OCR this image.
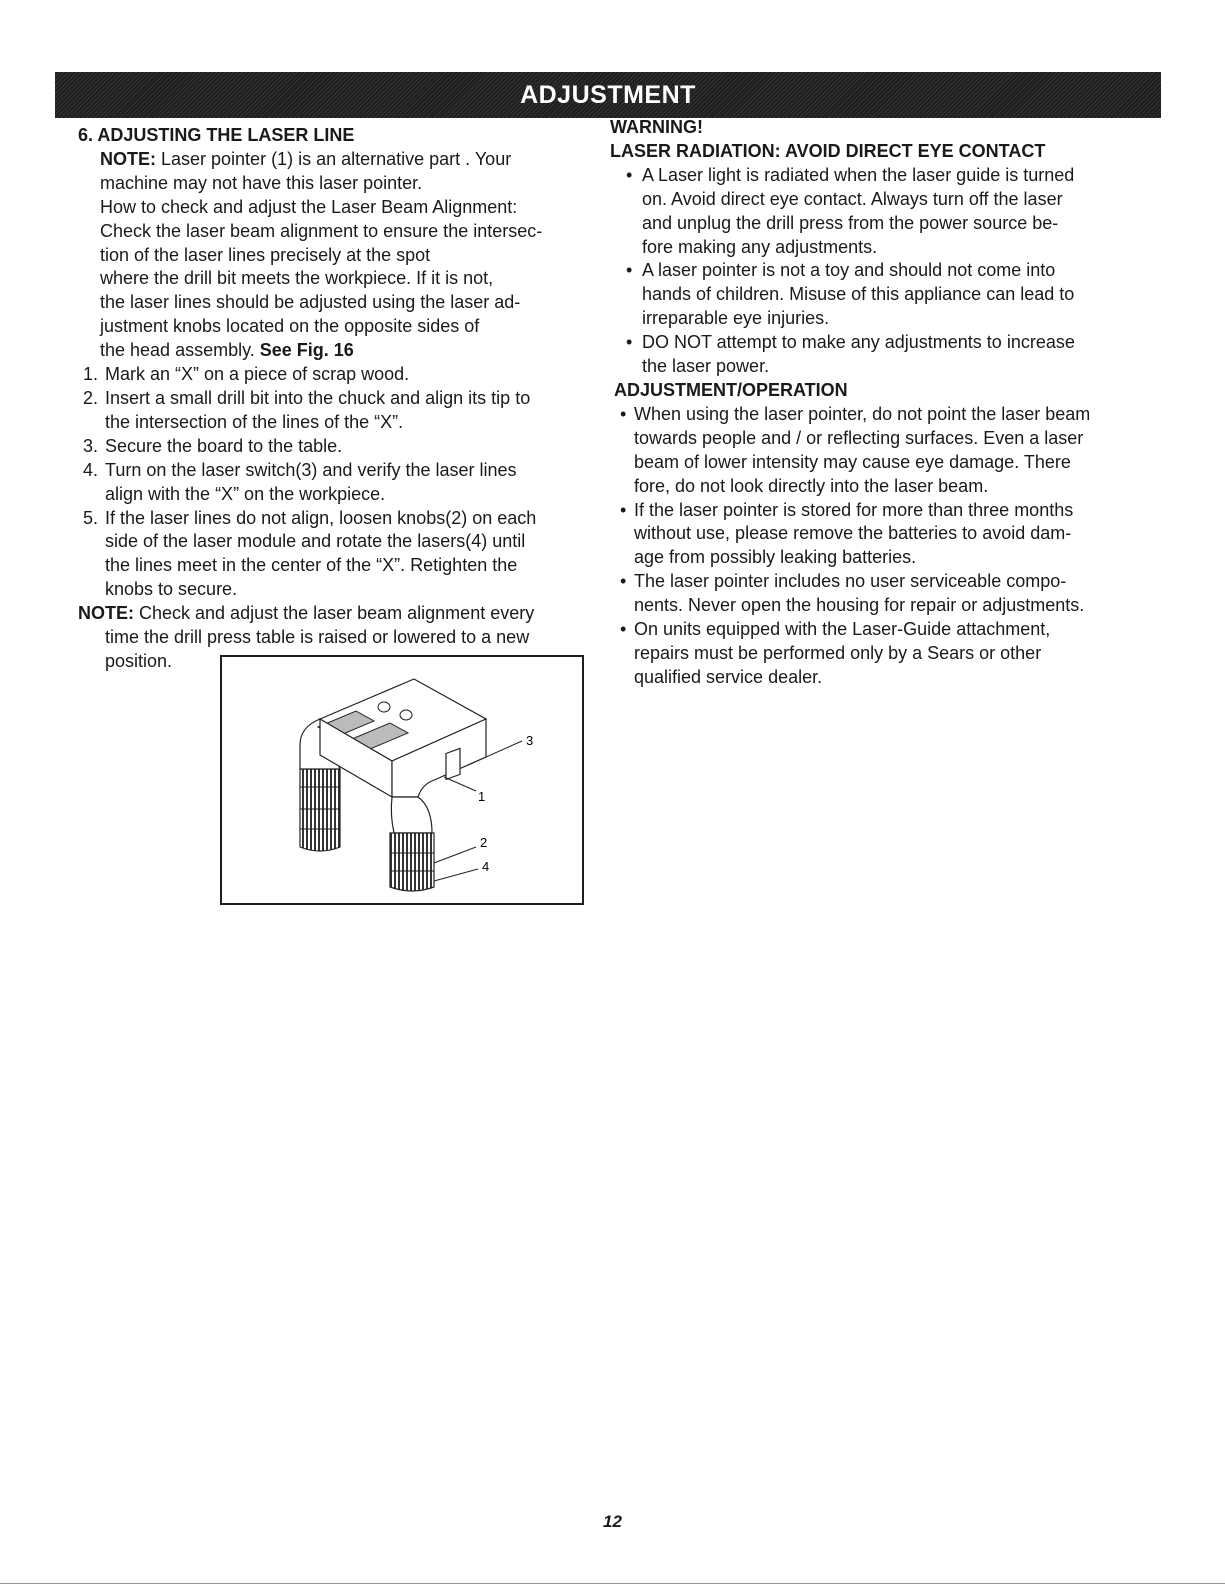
ADJUSTMENT
6. ADJUSTING THE LASER LINE
NOTE: Laser pointer (1) is an alternative part . Your
machine may not have this laser pointer.
How to check and adjust the Laser Beam Alignment:
Check the laser beam alignment to ensure the intersec-
tion of the laser lines precisely at the spot
where the drill bit meets the workpiece. If it is not,
the laser lines should be adjusted using the laser ad-
justment knobs located on the opposite sides of
the head assembly. See Fig. 16
1. Mark an “X” on a piece of scrap wood.
2. Insert a small drill bit into the chuck and align its tip to
the intersection of the lines of the “X”.
3. Secure the board to the table.
4. Turn on the laser switch(3) and verify the laser lines
align with the “X” on the workpiece.
5. If the laser lines do not align, loosen knobs(2) on each
side of the laser module and rotate the lasers(4) until
the lines meet in the center of the “X”. Retighten the
knobs to secure.
NOTE: Check and adjust the laser beam alignment every
time the drill press table is raised or lowered to a new
position.
3
1
2
4
WARNING!
LASER RADIATION: AVOID DIRECT EYE CONTACT
• A Laser light is radiated when the laser guide is turned
on. Avoid direct eye contact. Always turn off the laser
and unplug the drill press from the power source be-
fore making any adjustments.
• A laser pointer is not a toy and should not come into
hands of children. Misuse of this appliance can lead to
irreparable eye injuries.
• DO NOT attempt to make any adjustments to increase
the laser power.
ADJUSTMENT/OPERATION
• When using the laser pointer, do not point the laser beam
towards people and / or reflecting surfaces. Even a laser
beam of lower intensity may cause eye damage. There
fore, do not look directly into the laser beam.
• If the laser pointer is stored for more than three months
without use, please remove the batteries to avoid dam-
age from possibly leaking batteries.
• The laser pointer includes no user serviceable compo-
nents. Never open the housing for repair or adjustments.
• On units equipped with the Laser-Guide attachment,
repairs must be performed only by a Sears or other
qualified service dealer.
12
